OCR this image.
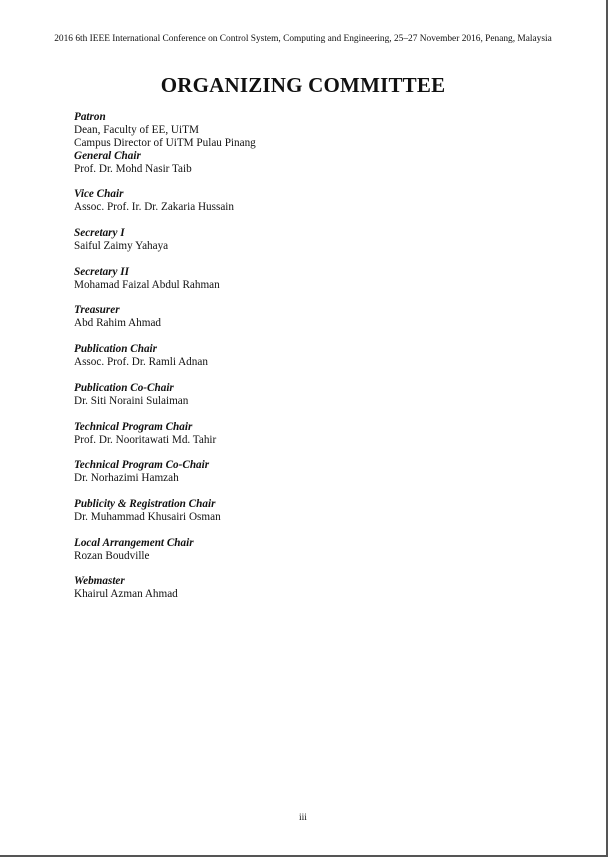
2016 6th IEEE International Conference on Control System, Computing and Engineering, 25–27 November 2016, Penang, Malaysia
ORGANIZING COMMITTEE
Patron
Dean, Faculty of EE, UiTM
Campus Director of UiTM Pulau Pinang
General Chair
Prof. Dr. Mohd Nasir Taib
Vice Chair
Assoc. Prof. Ir. Dr. Zakaria Hussain
Secretary I
Saiful Zaimy Yahaya
Secretary II
Mohamad Faizal Abdul Rahman
Treasurer
Abd Rahim Ahmad
Publication Chair
Assoc. Prof. Dr. Ramli Adnan
Publication Co-Chair
Dr. Siti Noraini Sulaiman
Technical Program Chair
Prof. Dr. Nooritawati Md. Tahir
Technical Program Co-Chair
Dr. Norhazimi Hamzah
Publicity & Registration Chair
Dr. Muhammad Khusairi Osman
Local Arrangement Chair
Rozan Boudville
Webmaster
Khairul Azman Ahmad
iii
